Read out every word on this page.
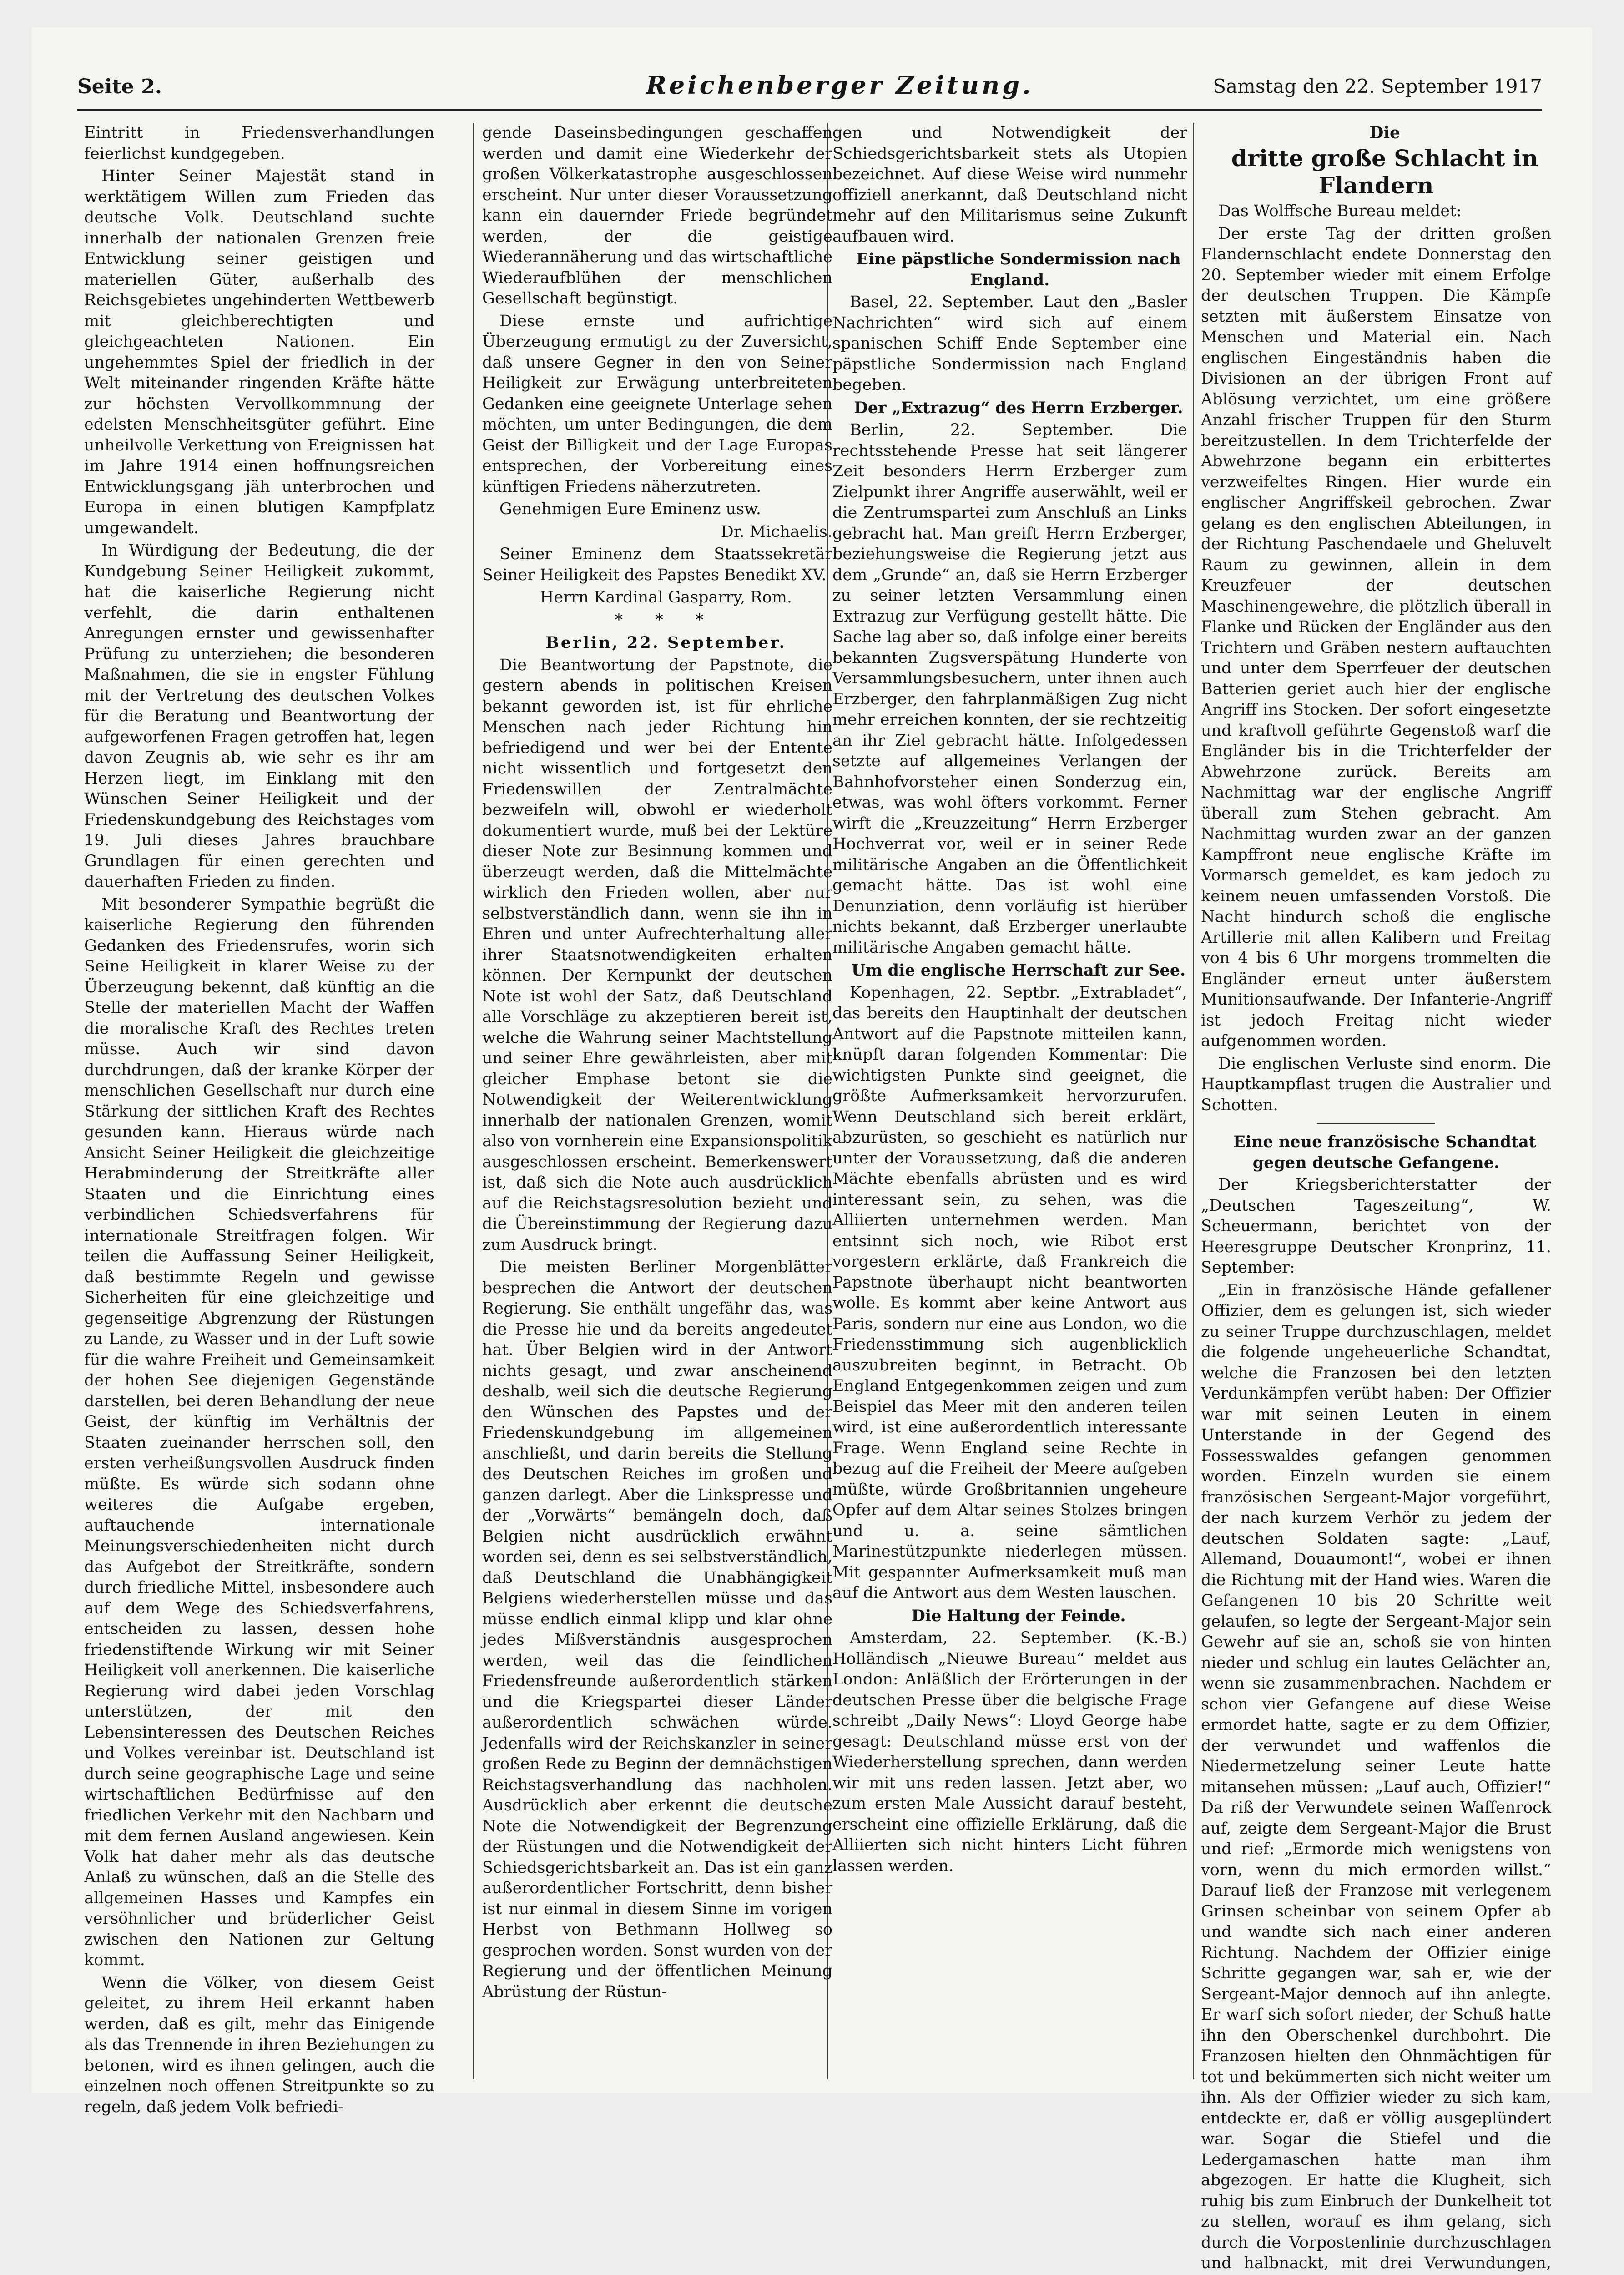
Seite 2.	Reichenberger Zeitung.	Samstag den 22. September 1917

Eintritt in Friedensverhandlungen feierlichst kundgegeben.

Hinter Seiner Majestät stand in werktätigem Willen zum Frieden das deutsche Volk. Deutschland suchte innerhalb der nationalen Grenzen freie Entwicklung seiner geistigen und materiellen Güter, außerhalb des Reichsgebietes ungehinderten Wettbewerb mit gleichberechtigten und gleichgeachteten Nationen. Ein ungehemmtes Spiel der friedlich in der Welt miteinander ringenden Kräfte hätte zur höchsten Vervollkommnung der edelsten Menschheitsgüter geführt. Eine unheilvolle Verkettung von Ereignissen hat im Jahre 1914 einen hoffnungsreichen Entwicklungsgang jäh unterbrochen und Europa in einen blutigen Kampfplatz umgewandelt.

In Würdigung der Bedeutung, die der Kundgebung Seiner Heiligkeit zukommt, hat die kaiserliche Regierung nicht verfehlt, die darin enthaltenen Anregungen ernster und gewissenhafter Prüfung zu unterziehen; die besonderen Maßnahmen, die sie in engster Fühlung mit der Vertretung des deutschen Volkes für die Beratung und Beantwortung der aufgeworfenen Fragen getroffen hat, legen davon Zeugnis ab, wie sehr es ihr am Herzen liegt, im Einklang mit den Wünschen Seiner Heiligkeit und der Friedenskundgebung des Reichstages vom 19. Juli dieses Jahres brauchbare Grundlagen für einen gerechten und dauerhaften Frieden zu finden.

Mit besonderer Sympathie begrüßt die kaiserliche Regierung den führenden Gedanken des Friedensrufes, worin sich Seine Heiligkeit in klarer Weise zu der Überzeugung bekennt, daß künftig an die Stelle der materiellen Macht der Waffen die moralische Kraft des Rechtes treten müsse. Auch wir sind davon durchdrungen, daß der kranke Körper der menschlichen Gesellschaft nur durch eine Stärkung der sittlichen Kraft des Rechtes gesunden kann. Hieraus würde nach Ansicht Seiner Heiligkeit die gleichzeitige Herabminderung der Streitkräfte aller Staaten und die Einrichtung eines verbindlichen Schiedsverfahrens für internationale Streitfragen folgen. Wir teilen die Auffassung Seiner Heiligkeit, daß bestimmte Regeln und gewisse Sicherheiten für eine gleichzeitige und gegenseitige Abgrenzung der Rüstungen zu Lande, zu Wasser und in der Luft sowie für die wahre Freiheit und Gemeinsamkeit der hohen See diejenigen Gegenstände darstellen, bei deren Behandlung der neue Geist, der künftig im Verhältnis der Staaten zueinander herrschen soll, den ersten verheißungsvollen Ausdruck finden müßte. Es würde sich sodann ohne weiteres die Aufgabe ergeben, auftauchende internationale Meinungsverschiedenheiten nicht durch das Aufgebot der Streitkräfte, sondern durch friedliche Mittel, insbesondere auch auf dem Wege des Schiedsverfahrens, entscheiden zu lassen, dessen hohe friedenstiftende Wirkung wir mit Seiner Heiligkeit voll anerkennen. Die kaiserliche Regierung wird dabei jeden Vorschlag unterstützen, der mit den Lebensinteressen des Deutschen Reiches und Volkes vereinbar ist. Deutschland ist durch seine geographische Lage und seine wirtschaftlichen Bedürfnisse auf den friedlichen Verkehr mit den Nachbarn und mit dem fernen Ausland angewiesen. Kein Volk hat daher mehr als das deutsche Anlaß zu wünschen, daß an die Stelle des allgemeinen Hasses und Kampfes ein versöhnlicher und brüderlicher Geist zwischen den Nationen zur Geltung kommt.

Wenn die Völker, von diesem Geist geleitet, zu ihrem Heil erkannt haben werden, daß es gilt, mehr das Einigende als das Trennende in ihren Beziehungen zu betonen, wird es ihnen gelingen, auch die einzelnen noch offenen Streitpunkte so zu regeln, daß jedem Volk befriedi-

gende Daseinsbedingungen geschaffen werden und damit eine Wiederkehr der großen Völkerkatastrophe ausgeschlossen erscheint. Nur unter dieser Voraussetzung kann ein dauernder Friede begründet werden, der die geistige Wiederannäherung und das wirtschaftliche Wiederaufblühen der menschlichen Gesellschaft begünstigt.

Diese ernste und aufrichtige Überzeugung ermutigt zu der Zuversicht, daß unsere Gegner in den von Seiner Heiligkeit zur Erwägung unterbreiteten Gedanken eine geeignete Unterlage sehen möchten, um unter Bedingungen, die dem Geist der Billigkeit und der Lage Europas entsprechen, der Vorbereitung eines künftigen Friedens näherzutreten.

Genehmigen Eure Eminenz usw.

Dr. Michaelis.

Seiner Eminenz dem Staatssekretär Seiner Heiligkeit des Papstes Benedikt XV.

Herrn Kardinal Gasparry, Rom.

* * *

Berlin, 22. September.

Die Beantwortung der Papstnote, die gestern abends in politischen Kreisen bekannt geworden ist, ist für ehrliche Menschen nach jeder Richtung hin befriedigend und wer bei der Entente nicht wissentlich und fortgesetzt den Friedenswillen der Zentralmächte bezweifeln will, obwohl er wiederholt dokumentiert wurde, muß bei der Lektüre dieser Note zur Besinnung kommen und überzeugt werden, daß die Mittelmächte wirklich den Frieden wollen, aber nur selbstverständlich dann, wenn sie ihn in Ehren und unter Aufrechterhaltung aller ihrer Staatsnotwendigkeiten erhalten können. Der Kernpunkt der deutschen Note ist wohl der Satz, daß Deutschland alle Vorschläge zu akzeptieren bereit ist, welche die Wahrung seiner Machtstellung und seiner Ehre gewährleisten, aber mit gleicher Emphase betont sie die Notwendigkeit der Weiterentwicklung innerhalb der nationalen Grenzen, womit also von vornherein eine Expansionspolitik ausgeschlossen erscheint. Bemerkenswert ist, daß sich die Note auch ausdrücklich auf die Reichstagsresolution bezieht und die Übereinstimmung der Regierung dazu zum Ausdruck bringt.

Die meisten Berliner Morgenblätter besprechen die Antwort der deutschen Regierung. Sie enthält ungefähr das, was die Presse hie und da bereits angedeutet hat. Über Belgien wird in der Antwort nichts gesagt, und zwar anscheinend deshalb, weil sich die deutsche Regierung den Wünschen des Papstes und der Friedenskundgebung im allgemeinen anschließt, und darin bereits die Stellung des Deutschen Reiches im großen und ganzen darlegt. Aber die Linkspresse und der „Vorwärts“ bemängeln doch, daß Belgien nicht ausdrücklich erwähnt worden sei, denn es sei selbstverständlich, daß Deutschland die Unabhängigkeit Belgiens wiederherstellen müsse und das müsse endlich einmal klipp und klar ohne jedes Mißverständnis ausgesprochen werden, weil das die feindlichen Friedensfreunde außerordentlich stärken und die Kriegspartei dieser Länder außerordentlich schwächen würde. Jedenfalls wird der Reichskanzler in seiner großen Rede zu Beginn der demnächstigen Reichstagsverhandlung das nachholen. Ausdrücklich aber erkennt die deutsche Note die Notwendigkeit der Begrenzung der Rüstungen und die Notwendigkeit der Schiedsgerichtsbarkeit an. Das ist ein ganz außerordentlicher Fortschritt, denn bisher ist nur einmal in diesem Sinne im vorigen Herbst von Bethmann Hollweg so gesprochen worden. Sonst wurden von der Regierung und der öffentlichen Meinung Abrüstung der Rüstun-

gen und Notwendigkeit der Schiedsgerichtsbarkeit stets als Utopien bezeichnet. Auf diese Weise wird nunmehr offiziell anerkannt, daß Deutschland nicht mehr auf den Militarismus seine Zukunft aufbauen wird.

Eine päpstliche Sondermission nach England.

Basel, 22. September. Laut den „Basler Nachrichten“ wird sich auf einem spanischen Schiff Ende September eine päpstliche Sondermission nach England begeben.

Der „Extrazug“ des Herrn Erzberger.

Berlin, 22. September. Die rechtsstehende Presse hat seit längerer Zeit besonders Herrn Erzberger zum Zielpunkt ihrer Angriffe auserwählt, weil er die Zentrumspartei zum Anschluß an Links gebracht hat. Man greift Herrn Erzberger, beziehungsweise die Regierung jetzt aus dem „Grunde“ an, daß sie Herrn Erzberger zu seiner letzten Versammlung einen Extrazug zur Verfügung gestellt hätte. Die Sache lag aber so, daß infolge einer bereits bekannten Zugsverspätung Hunderte von Versammlungsbesuchern, unter ihnen auch Erzberger, den fahrplanmäßigen Zug nicht mehr erreichen konnten, der sie rechtzeitig an ihr Ziel gebracht hätte. Infolgedessen setzte auf allgemeines Verlangen der Bahnhofvorsteher einen Sonderzug ein, etwas, was wohl öfters vorkommt. Ferner wirft die „Kreuzzeitung“ Herrn Erzberger Hochverrat vor, weil er in seiner Rede militärische Angaben an die Öffentlichkeit gemacht hätte. Das ist wohl eine Denunziation, denn vorläufig ist hierüber nichts bekannt, daß Erzberger unerlaubte militärische Angaben gemacht hätte.

Um die englische Herrschaft zur See.

Kopenhagen, 22. Septbr. „Extrabladet“, das bereits den Hauptinhalt der deutschen Antwort auf die Papstnote mitteilen kann, knüpft daran folgenden Kommentar: Die wichtigsten Punkte sind geeignet, die größte Aufmerksamkeit hervorzurufen. Wenn Deutschland sich bereit erklärt, abzurüsten, so geschieht es natürlich nur unter der Voraussetzung, daß die anderen Mächte ebenfalls abrüsten und es wird interessant sein, zu sehen, was die Alliierten unternehmen werden. Man entsinnt sich noch, wie Ribot erst vorgestern erklärte, daß Frankreich die Papstnote überhaupt nicht beantworten wolle. Es kommt aber keine Antwort aus Paris, sondern nur eine aus London, wo die Friedensstimmung sich augenblicklich auszubreiten beginnt, in Betracht. Ob England Entgegenkommen zeigen und zum Beispiel das Meer mit den anderen teilen wird, ist eine außerordentlich interessante Frage. Wenn England seine Rechte in bezug auf die Freiheit der Meere aufgeben müßte, würde Großbritannien ungeheure Opfer auf dem Altar seines Stolzes bringen und u. a. seine sämtlichen Marinestützpunkte niederlegen müssen. Mit gespannter Aufmerksamkeit muß man auf die Antwort aus dem Westen lauschen.

Die Haltung der Feinde.

Amsterdam, 22. September. (K.-B.) Holländisch „Nieuwe Bureau“ meldet aus London: Anläßlich der Erörterungen in der deutschen Presse über die belgische Frage schreibt „Daily News“: Lloyd George habe gesagt: Deutschland müsse erst von der Wiederherstellung sprechen, dann werden wir mit uns reden lassen. Jetzt aber, wo zum ersten Male Aussicht darauf besteht, erscheint eine offizielle Erklärung, daß die Alliierten sich nicht hinters Licht führen lassen werden.

Die

dritte große Schlacht in Flandern

Das Wolffsche Bureau meldet:

Der erste Tag der dritten großen Flandernschlacht endete Donnerstag den 20. September wieder mit einem Erfolge der deutschen Truppen. Die Kämpfe setzten mit äußerstem Einsatze von Menschen und Material ein. Nach englischen Eingeständnis haben die Divisionen an der übrigen Front auf Ablösung verzichtet, um eine größere Anzahl frischer Truppen für den Sturm bereitzustellen. In dem Trichterfelde der Abwehrzone begann ein erbittertes verzweifeltes Ringen. Hier wurde ein englischer Angriffskeil gebrochen. Zwar gelang es den englischen Abteilungen, in der Richtung Paschendaele und Gheluvelt Raum zu gewinnen, allein in dem Kreuzfeuer der deutschen Maschinengewehre, die plötzlich überall in Flanke und Rücken der Engländer aus den Trichtern und Gräben nestern auftauchten und unter dem Sperrfeuer der deutschen Batterien geriet auch hier der englische Angriff ins Stocken. Der sofort eingesetzte und kraftvoll geführte Gegenstoß warf die Engländer bis in die Trichterfelder der Abwehrzone zurück. Bereits am Nachmittag war der englische Angriff überall zum Stehen gebracht. Am Nachmittag wurden zwar an der ganzen Kampffront neue englische Kräfte im Vormarsch gemeldet, es kam jedoch zu keinem neuen umfassenden Vorstoß. Die Nacht hindurch schoß die englische Artillerie mit allen Kalibern und Freitag von 4 bis 6 Uhr morgens trommelten die Engländer erneut unter äußerstem Munitionsaufwande. Der Infanterie-Angriff ist jedoch Freitag nicht wieder aufgenommen worden.

Die englischen Verluste sind enorm. Die Hauptkampflast trugen die Australier und Schotten.

Eine neue französische Schandtat gegen deutsche Gefangene.

Der Kriegsberichterstatter der „Deutschen Tageszeitung“, W. Scheuermann, berichtet von der Heeresgruppe Deutscher Kronprinz, 11. September:

„Ein in französische Hände gefallener Offizier, dem es gelungen ist, sich wieder zu seiner Truppe durchzuschlagen, meldet die folgende ungeheuerliche Schandtat, welche die Franzosen bei den letzten Verdunkämpfen verübt haben: Der Offizier war mit seinen Leuten in einem Unterstande in der Gegend des Fossesswaldes gefangen genommen worden. Einzeln wurden sie einem französischen Sergeant-Major vorgeführt, der nach kurzem Verhör zu jedem der deutschen Soldaten sagte: „Lauf, Allemand, Douaumont!“, wobei er ihnen die Richtung mit der Hand wies. Waren die Gefangenen 10 bis 20 Schritte weit gelaufen, so legte der Sergeant-Major sein Gewehr auf sie an, schoß sie von hinten nieder und schlug ein lautes Gelächter an, wenn sie zusammenbrachen. Nachdem er schon vier Gefangene auf diese Weise ermordet hatte, sagte er zu dem Offizier, der verwundet und waffenlos die Niedermetzelung seiner Leute hatte mitansehen müssen: „Lauf auch, Offizier!“ Da riß der Verwundete seinen Waffenrock auf, zeigte dem Sergeant-Major die Brust und rief: „Ermorde mich wenigstens von vorn, wenn du mich ermorden willst.“ Darauf ließ der Franzose mit verlegenem Grinsen scheinbar von seinem Opfer ab und wandte sich nach einer anderen Richtung. Nachdem der Offizier einige Schritte gegangen war, sah er, wie der Sergeant-Major dennoch auf ihn anlegte. Er warf sich sofort nieder, der Schuß hatte ihn den Oberschenkel durchbohrt. Die Franzosen hielten den Ohnmächtigen für tot und bekümmerten sich nicht weiter um ihn. Als der Offizier wieder zu sich kam, entdeckte er, daß er völlig ausgeplündert war. Sogar die Stiefel und die Ledergamaschen hatte man ihm abgezogen. Er hatte die Klugheit, sich ruhig bis zum Einbruch der Dunkelheit tot zu stellen, worauf es ihm gelang, sich durch die Vorpostenlinie durchzuschlagen und halbnackt, mit drei Verwundungen,
